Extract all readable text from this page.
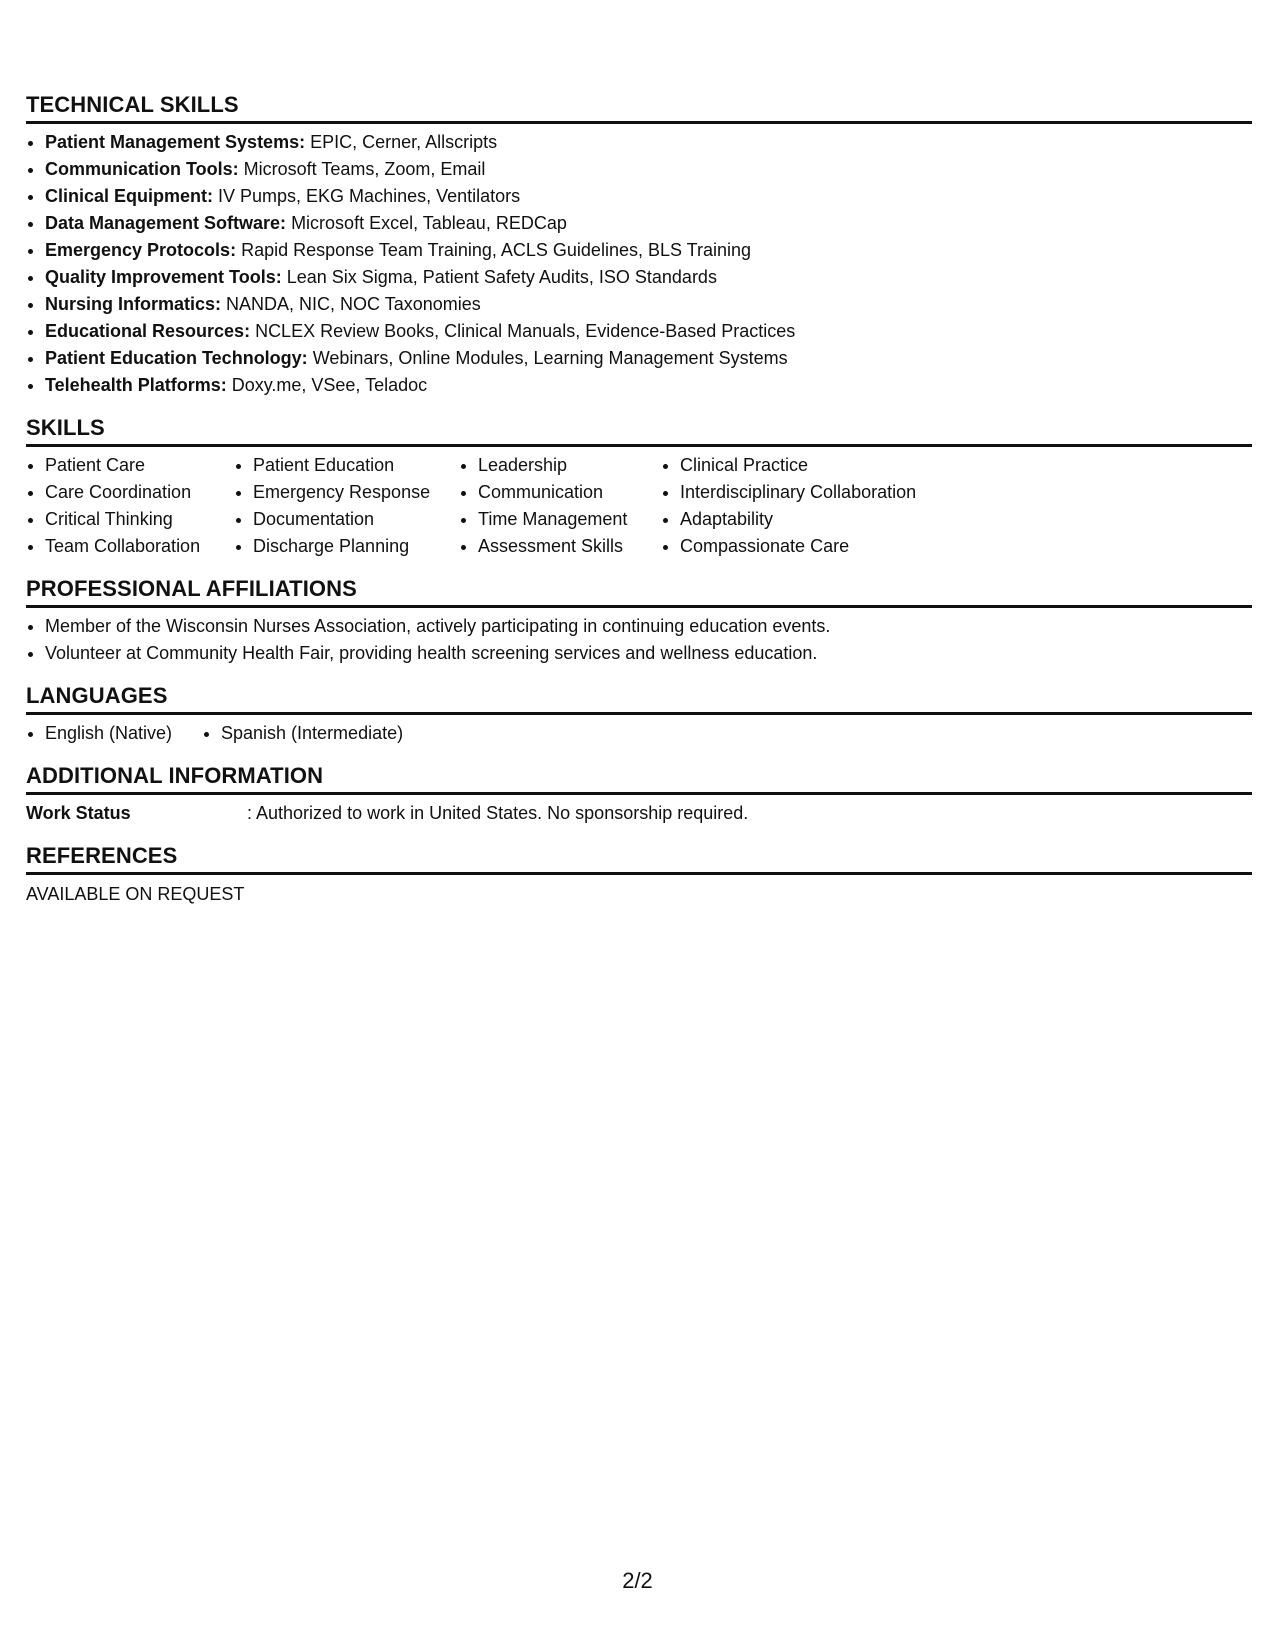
TECHNICAL SKILLS
• Patient Management Systems: EPIC, Cerner, Allscripts
• Communication Tools: Microsoft Teams, Zoom, Email
• Clinical Equipment: IV Pumps, EKG Machines, Ventilators
• Data Management Software: Microsoft Excel, Tableau, REDCap
• Emergency Protocols: Rapid Response Team Training, ACLS Guidelines, BLS Training
• Quality Improvement Tools: Lean Six Sigma, Patient Safety Audits, ISO Standards
• Nursing Informatics: NANDA, NIC, NOC Taxonomies
• Educational Resources: NCLEX Review Books, Clinical Manuals, Evidence-Based Practices
• Patient Education Technology: Webinars, Online Modules, Learning Management Systems
• Telehealth Platforms: Doxy.me, VSee, Teladoc
SKILLS
• Patient Care
• Care Coordination
• Critical Thinking
• Team Collaboration
• Patient Education
• Emergency Response
• Documentation
• Discharge Planning
• Leadership
• Communication
• Time Management
• Assessment Skills
• Clinical Practice
• Interdisciplinary Collaboration
• Adaptability
• Compassionate Care
PROFESSIONAL AFFILIATIONS
• Member of the Wisconsin Nurses Association, actively participating in continuing education events.
• Volunteer at Community Health Fair, providing health screening services and wellness education.
LANGUAGES
• English (Native)
•	Spanish (Intermediate)
ADDITIONAL INFORMATION
Work Status	: Authorized to work in United States. No sponsorship required.
REFERENCES
AVAILABLE ON REQUEST
2/2
